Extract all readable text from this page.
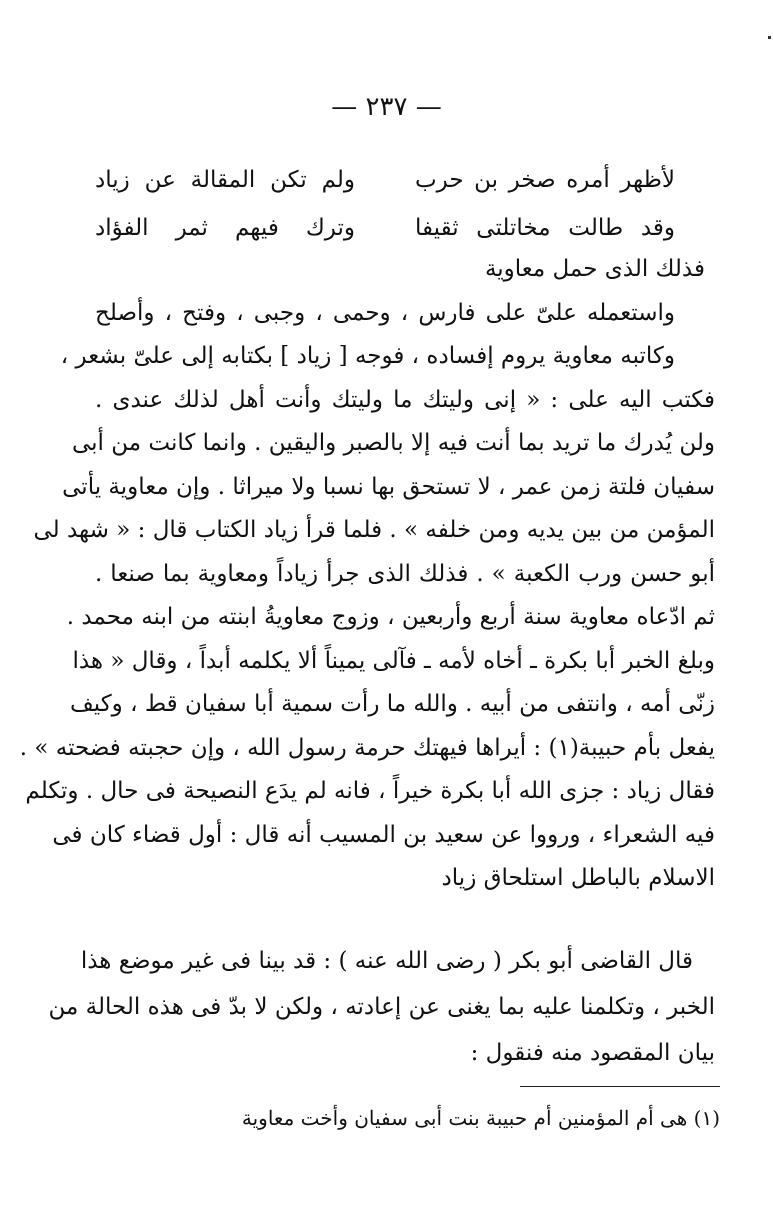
— ٢٣٧ —
لأظهر أمره صخر بن حرب
ولم تكن المقالة عن زياد
وقد طالت مخاتلتى ثقيفا
وترك فيهم ثمر الفؤاد
فذلك الذى حمل معاوية
واستعمله علىّ على فارس ، وحمى ، وجبى ، وفتح ، وأصلح
وكاتبه معاوية يروم إفساده ، فوجه [ زياد ] بكتابه إلى علىّ بشعر ،
فكتب اليه على : « إنى وليتك ما وليتك وأنت أهل لذلك عندى .
ولن يُدرك ما تريد بما أنت فيه إلا بالصبر واليقين . وانما كانت من أبى
سفيان فلتة زمن عمر ، لا تستحق بها نسبا ولا ميراثا . وإن معاوية يأتى
المؤمن من بين يديه ومن خلفه » . فلما قرأ زياد الكتاب قال : « شهد لى
أبو حسن ورب الكعبة » . فذلك الذى جرأ زياداً ومعاوية بما صنعا .
ثم ادّعاه معاوية سنة أربع وأربعين ، وزوج معاويةُ ابنته من ابنه محمد .
وبلغ الخبر أبا بكرة ـ أخاه لأمه ـ فآلى يميناً ألا يكلمه أبداً ، وقال « هذا
زنّى أمه ، وانتفى من أبيه . والله ما رأت سمية أبا سفيان قط ، وكيف
يفعل بأم حبيبة(١) : أيراها فيهتك حرمة رسول الله ، وإن حجبته فضحته » .
فقال زياد : جزى الله أبا بكرة خيراً ، فانه لم يدَع النصيحة فى حال . وتكلم
فيه الشعراء ، ورووا عن سعيد بن المسيب أنه قال : أول قضاء كان فى
الاسلام بالباطل استلحاق زياد
قال القاضى أبو بكر ( رضى الله عنه ) : قد بينا فى غير موضع هذا
الخبر ، وتكلمنا عليه بما يغنى عن إعادته ، ولكن لا بدّ فى هذه الحالة من
بيان المقصود منه فنقول :
(١) هى أم المؤمنين أم حبيبة بنت أبى سفيان وأخت معاوية
